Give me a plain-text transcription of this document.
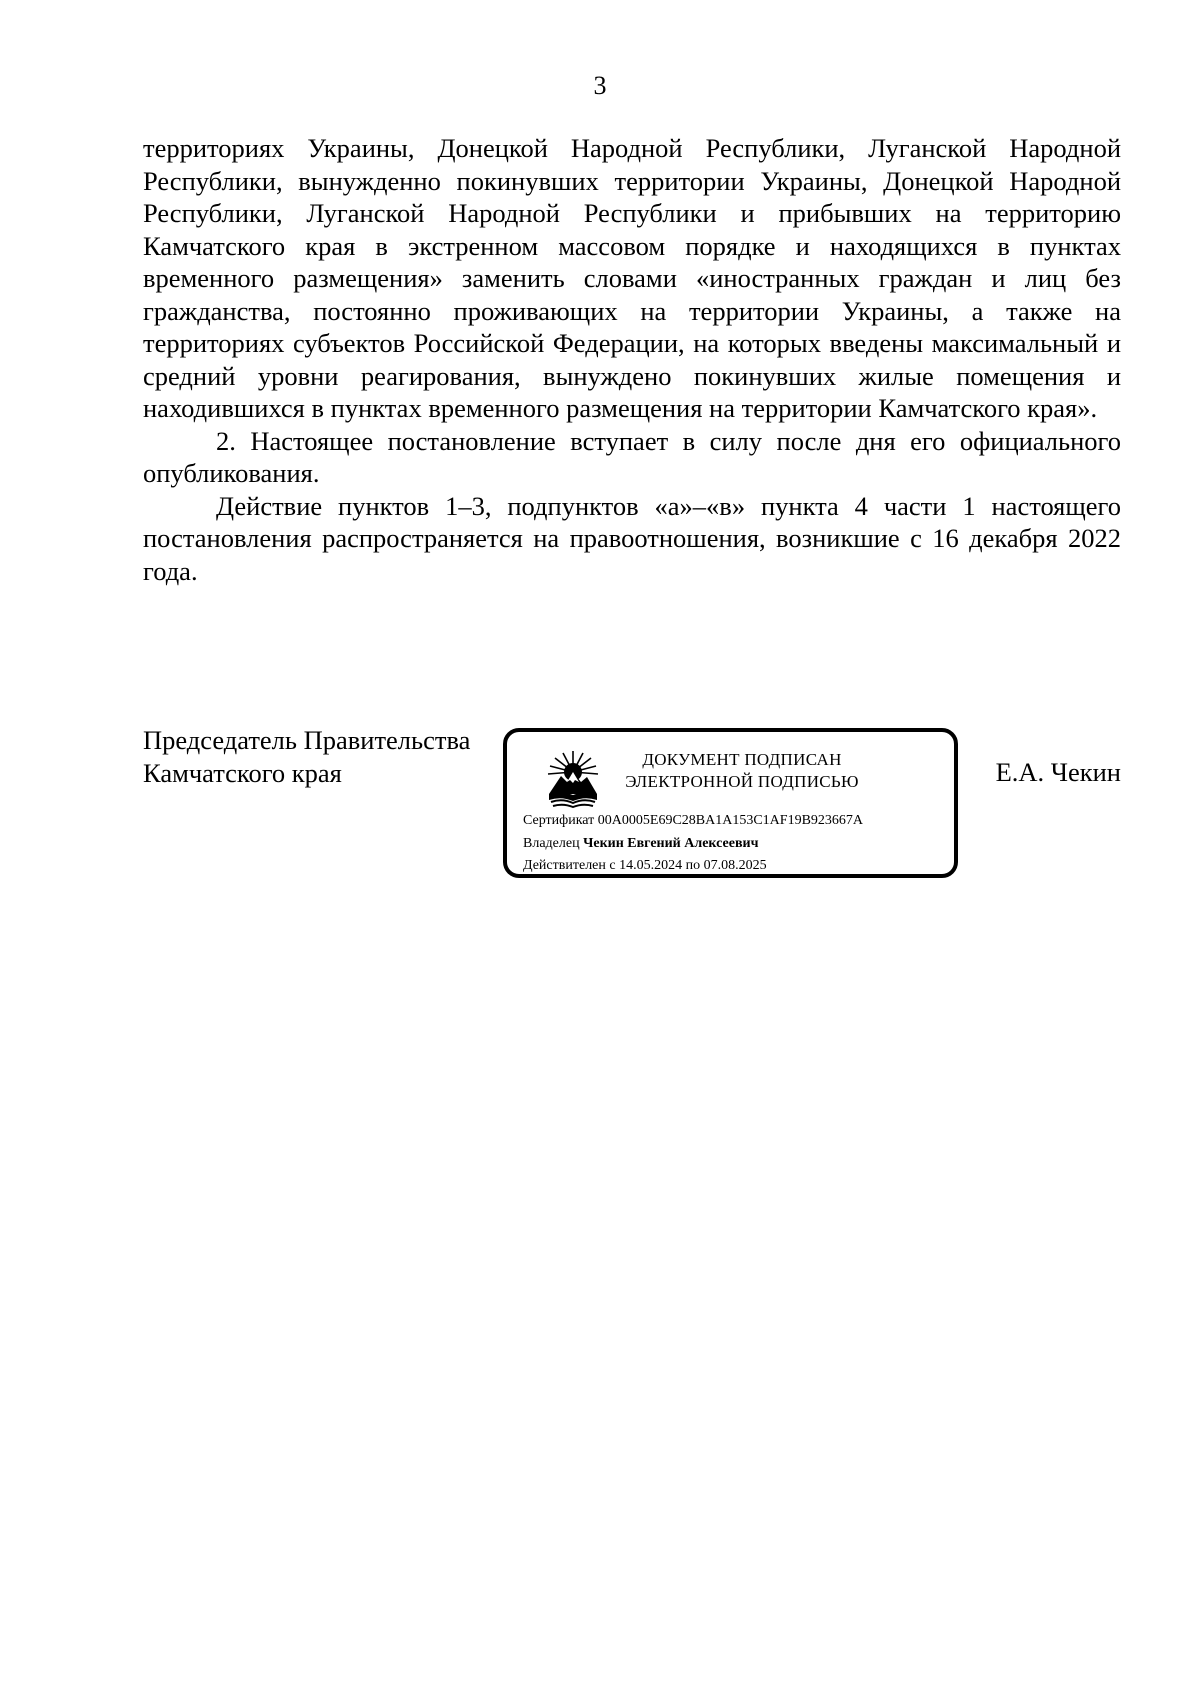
3

территориях Украины, Донецкой Народной Республики, Луганской Народной Республики, вынужденно покинувших территории Украины, Донецкой Народной Республики, Луганской Народной Республики и прибывших на территорию Камчатского края в экстренном массовом порядке и находящихся в пунктах временного размещения» заменить словами «иностранных граждан и лиц без гражданства, постоянно проживающих на территории Украины, а также на территориях субъектов Российской Федерации, на которых введены максимальный и средний уровни реагирования, вынуждено покинувших жилые помещения и находившихся в пунктах временного размещения на территории Камчатского края».

2. Настоящее постановление вступает в силу после дня его официального опубликования.

Действие пунктов 1–3, подпунктов «а»–«в» пункта 4 части 1 настоящего постановления распространяется на правоотношения, возникшие с 16 декабря 2022 года.

Председатель Правительства
Камчатского края	ДОКУМЕНТ ПОДПИСАН
ЭЛЕКТРОННОЙ ПОДПИСЬЮ
Сертификат 00A0005E69C28BA1A153C1AF19B923667A
Владелец Чекин Евгений Алексеевич
Действителен с 14.05.2024 по 07.08.2025
Е.А. Чекин
